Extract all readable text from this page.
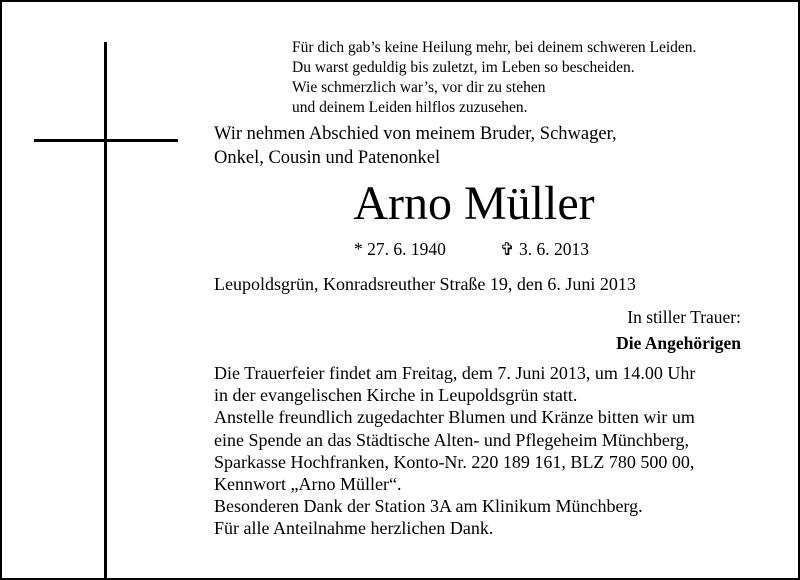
Für dich gab’s keine Heilung mehr, bei deinem schweren Leiden.
Du warst geduldig bis zuletzt, im Leben so bescheiden.
Wie schmerzlich war’s, vor dir zu stehen
und deinem Leiden hilflos zuzusehen.
Wir nehmen Abschied von meinem Bruder, Schwager,
Onkel, Cousin und Patenonkel
Arno Müller
* 27. 6. 1940	✞ 3. 6. 2013
Leupoldsgrün, Konradsreuther Straße 19, den 6. Juni 2013
In stiller Trauer:
Die Angehörigen
Die Trauerfeier findet am Freitag, dem 7. Juni 2013, um 14.00 Uhr
in der evangelischen Kirche in Leupoldsgrün statt.
Anstelle freundlich zugedachter Blumen und Kränze bitten wir um
eine Spende an das Städtische Alten- und Pflegeheim Münchberg,
Sparkasse Hochfranken, Konto-Nr. 220 189 161, BLZ 780 500 00,
Kennwort „Arno Müller“.
Besonderen Dank der Station 3A am Klinikum Münchberg.
Für alle Anteilnahme herzlichen Dank.
